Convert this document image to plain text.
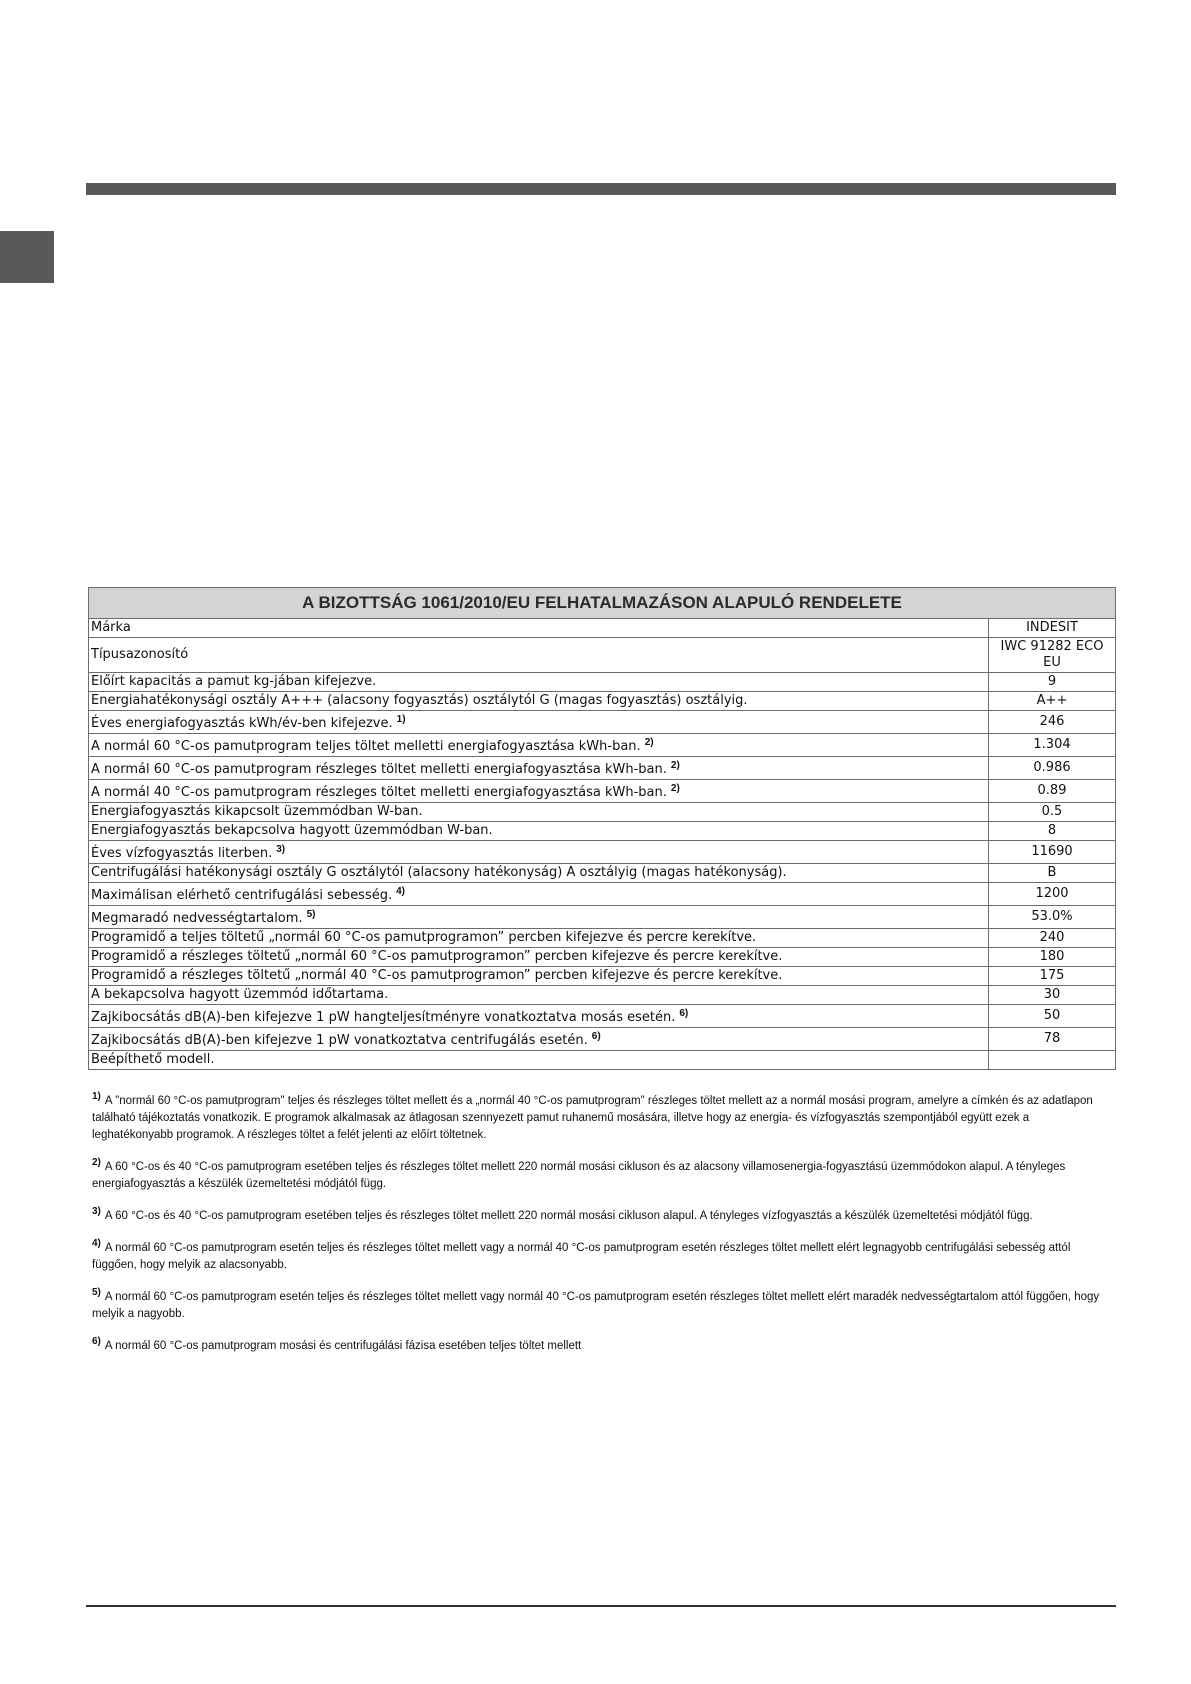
A BIZOTTSÁG 1061/2010/EU FELHATALMAZÁSON ALAPULÓ RENDELETE	
Márka	INDESIT
Típusazonosító	IWC 91282 ECO EU
Előírt kapacitás a pamut kg-jában kifejezve.	9
Energiahatékonysági osztály A+++ (alacsony fogyasztás) osztálytól G (magas fogyasztás) osztályig.	A++
Éves energiafogyasztás kWh/év-ben kifejezve. $^{1)}$	246
A normál 60 °C-os pamutprogram teljes töltet melletti energiafogyasztása kWh-ban. $^{2)}$	1.304
A normál 60 °C-os pamutprogram részleges töltet melletti energiafogyasztása kWh-ban. $^{2)}$	0.986
A normál 40 °C-os pamutprogram részleges töltet melletti energiafogyasztása kWh-ban. $^{2)}$	0.89
Energiafogyasztás kikapcsolt üzemmódban W-ban.	0.5
Energiafogyasztás bekapcsolva hagyott üzemmódban W-ban.	8
Éves vízfogyasztás literben. $^{3)}$	11690
Centrifugálási hatékonysági osztály G osztálytól (alacsony hatékonyság) A osztályig (magas hatékonyság).	B
Maximálisan elérhető centrifugálási sebesség. $^{4)}$	1200
Megmaradó nedvességtartalom. $^{5)}$	53.0%
Programidő a teljes töltetű „normál 60 °C-os pamutprogramon” percben kifejezve és percre kerekítve.	240
Programidő a részleges töltetű „normál 60 °C-os pamutprogramon” percben kifejezve és percre kerekítve.	180
Programidő a részleges töltetű „normál 40 °C-os pamutprogramon” percben kifejezve és percre kerekítve.	175
A bekapcsolva hagyott üzemmód időtartama.	30
Zajkibocsátás dB(A)-ben kifejezve 1 pW hangteljesítményre vonatkoztatva mosás esetén. $^{6)}$	50
Zajkibocsátás dB(A)-ben kifejezve 1 pW vonatkoztatva centrifugálás esetén. $^{6)}$	78
Beépíthető modell.	
$^{1)}$ A "normál 60 °C-os pamutprogram" teljes és részleges töltet mellett és a „normál 40 °C-os pamutprogram" részleges töltet mellett az a normál mosási program, amelyre a címkén és az adatlapon található tájékoztatás vonatkozik. E programok alkalmasak az átlagosan szennyezett pamut ruhanemű mosására, illetve hogy az energia- és vízfogyasztás szempontjából együtt ezek a leghatékonyabb programok. A részleges töltet a felét jelenti az előírt töltetnek.
$^{2)}$ A 60 °C-os és 40 °C-os pamutprogram esetében teljes és részleges töltet mellett 220 normál mosási cikluson és az alacsony villamosenergia-fogyasztású üzemmódokon alapul. A tényleges energiafogyasztás a készülék üzemeltetési módjától függ.
$^{3)}$ A 60 °C-os és 40 °C-os pamutprogram esetében teljes és részleges töltet mellett 220 normál mosási cikluson alapul. A tényleges vízfogyasztás a készülék üzemeltetési módjától függ.
$^{4)}$ A normál 60 °C-os pamutprogram esetén teljes és részleges töltet mellett vagy a normál 40 °C-os pamutprogram esetén részleges töltet mellett elért legnagyobb centrifugálási sebesség attól függően, hogy melyik az alacsonyabb.
$^{5)}$ A normál 60 °C-os pamutprogram esetén teljes és részleges töltet mellett vagy normál 40 °C-os pamutprogram esetén részleges töltet mellett elért maradék nedvességtartalom attól függően, hogy melyik a nagyobb.
$^{6)}$ A normál 60 °C-os pamutprogram mosási és centrifugálási fázisa esetében teljes töltet mellett
